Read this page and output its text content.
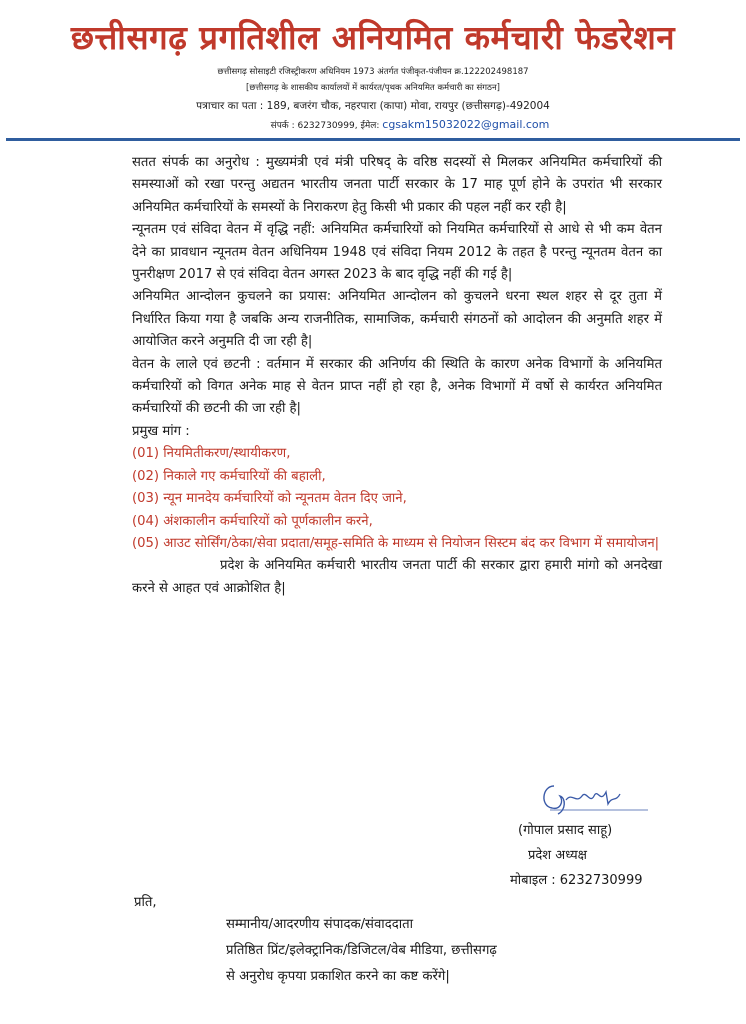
छत्तीसगढ़ प्रगतिशील अनियमित कर्मचारी फेडरेशन
छत्तीसगढ़ सोसाइटी रजिस्ट्रीकरण अधिनियम 1973 अंतर्गत पंजीकृत-पंजीयन क्र.122202498187
[छत्तीसगढ़ के शासकीय कार्यालयों में कार्यरत/पृथक अनियमित कर्मचारी का संगठन]
पत्राचार का पता : 189, बजरंग चौक, नहरपारा (कापा) मोवा, रायपुर (छत्तीसगढ़)-492004
संपर्क : 6232730999, ईमेल: cgsakm15032022@gmail.com

सतत संपर्क का अनुरोध : मुख्यमंत्री एवं मंत्री परिषद् के वरिष्ठ सदस्यों से मिलकर अनियमित कर्मचारियों की समस्याओं को रखा परन्तु अद्यतन भारतीय जनता पार्टी सरकार के 17 माह पूर्ण होने के उपरांत भी सरकार अनियमित कर्मचारियों के समस्यों के निराकरण हेतु किसी भी प्रकार की पहल नहीं कर रही है|

न्यूनतम एवं संविदा वेतन में वृद्धि नहीं: अनियमित कर्मचारियों को नियमित कर्मचारियों से आधे से भी कम वेतन देने का प्रावधान न्यूनतम वेतन अधिनियम 1948 एवं संविदा नियम 2012 के तहत है परन्तु न्यूनतम वेतन का पुनरीक्षण 2017 से एवं संविदा वेतन अगस्त 2023 के बाद वृद्धि नहीं की गई है|

अनियमित आन्दोलन कुचलने का प्रयास: अनियमित आन्दोलन को कुचलने धरना स्थल शहर से दूर तुता में निर्धारित किया गया है जबकि अन्य राजनीतिक, सामाजिक, कर्मचारी संगठनों को आदोलन की अनुमति शहर में आयोजित करने अनुमति दी जा रही है|

वेतन के लाले एवं छटनी : वर्तमान में सरकार की अनिर्णय की स्थिति के कारण अनेक विभागों के अनियमित कर्मचारियों को विगत अनेक माह से वेतन प्राप्त नहीं हो रहा है, अनेक विभागों में वर्षो से कार्यरत अनियमित कर्मचारियों की छटनी की जा रही है|

प्रमुख मांग :

(01) नियमितीकरण/स्थायीकरण,

(02) निकाले गए कर्मचारियों की बहाली,

(03) न्यून मानदेय कर्मचारियों को न्यूनतम वेतन दिए जाने,

(04) अंशकालीन कर्मचारियों को पूर्णकालीन करने,

(05) आउट सोर्सिंग/ठेका/सेवा प्रदाता/समूह-समिति के माध्यम से नियोजन सिस्टम बंद कर विभाग में समायोजन|

प्रदेश के अनियमित कर्मचारी भारतीय जनता पार्टी की सरकार द्वारा हमारी मांगो को अनदेखा करने से आहत एवं आक्रोशित है|

(गोपाल प्रसाद साहू)
प्रदेश अध्यक्ष
मोबाइल : 6232730999
प्रति,
सम्मानीय/आदरणीय संपादक/संवाददाता
प्रतिष्ठित प्रिंट/इलेक्ट्रानिक/डिजिटल/वेब मीडिया, छत्तीसगढ़
से अनुरोध कृपया प्रकाशित करने का कष्ट करेंगे|
